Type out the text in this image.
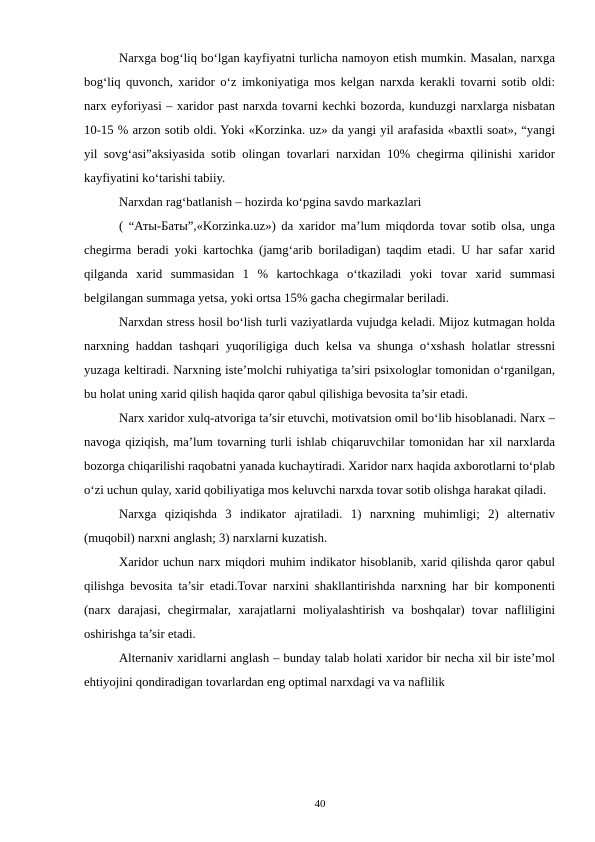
Narxga bog‘liq bo‘lgan kayfiyatni turlicha namoyon etish mumkin. Masalan, narxga bog‘liq quvonch, xaridor o‘z imkoniyatiga mos kelgan narxda kerakli tovarni sotib oldi: narx eyforiyasi – xaridor past narxda tovarni kechki bozorda, kunduzgi narxlarga nisbatan 10-15 % arzon sotib oldi. Yoki «Korzinka. uz» da yangi yil arafasida «baxtli soat», “yangi yil sovg‘asi”aksiyasida sotib olingan tovarlari narxidan 10% chegirma qilinishi xaridor kayfiyatini ko‘tarishi tabiiy.

Narxdan rag‘batlanish – hozirda ko‘pgina savdo markazlari

( “Аты-Баты”,«Korzinka.uz») da xaridor ma’lum miqdorda tovar sotib olsa, unga chegirma beradi yoki kartochka (jamg‘arib boriladigan) taqdim etadi. U har safar xarid qilganda xarid summasidan 1 % kartochkaga o‘tkaziladi yoki tovar xarid summasi belgilangan summaga yetsa, yoki ortsa 15% gacha chegirmalar beriladi.

Narxdan stress hosil bo‘lish turli vaziyatlarda vujudga keladi. Mijoz kutmagan holda narxning haddan tashqari yuqoriligiga duch kelsa va shunga o‘xshash holatlar stressni yuzaga keltiradi. Narxning iste’molchi ruhiyatiga ta’siri psixologlar tomonidan o‘rganilgan, bu holat uning xarid qilish haqida qaror qabul qilishiga bevosita ta’sir etadi.

Narx xaridor xulq-atvoriga ta’sir etuvchi, motivatsion omil bo‘lib hisoblanadi. Narx – navoga qiziqish, ma’lum tovarning turli ishlab chiqaruvchilar tomonidan har xil narxlarda bozorga chiqarilishi raqobatni yanada kuchaytiradi. Xaridor narx haqida axborotlarni to‘plab o‘zi uchun qulay, xarid qobiliyatiga mos keluvchi narxda tovar sotib olishga harakat qiladi.

Narxga qiziqishda 3 indikator ajratiladi. 1) narxning muhimligi; 2) alternativ (muqobil) narxni anglash; 3) narxlarni kuzatish.

Xaridor uchun narx miqdori muhim indikator hisoblanib, xarid qilishda qaror qabul qilishga bevosita ta’sir etadi.Tovar narxini shakllantirishda narxning har bir komponenti (narx darajasi, chegirmalar, xarajatlarni moliyalashtirish va boshqalar) tovar nafliligini oshirishga ta’sir etadi.

Alternaniv xaridlarni anglash – bunday talab holati xaridor bir necha xil bir iste’mol ehtiyojini qondiradigan tovarlardan eng optimal narxdagi va va naflilik

40
